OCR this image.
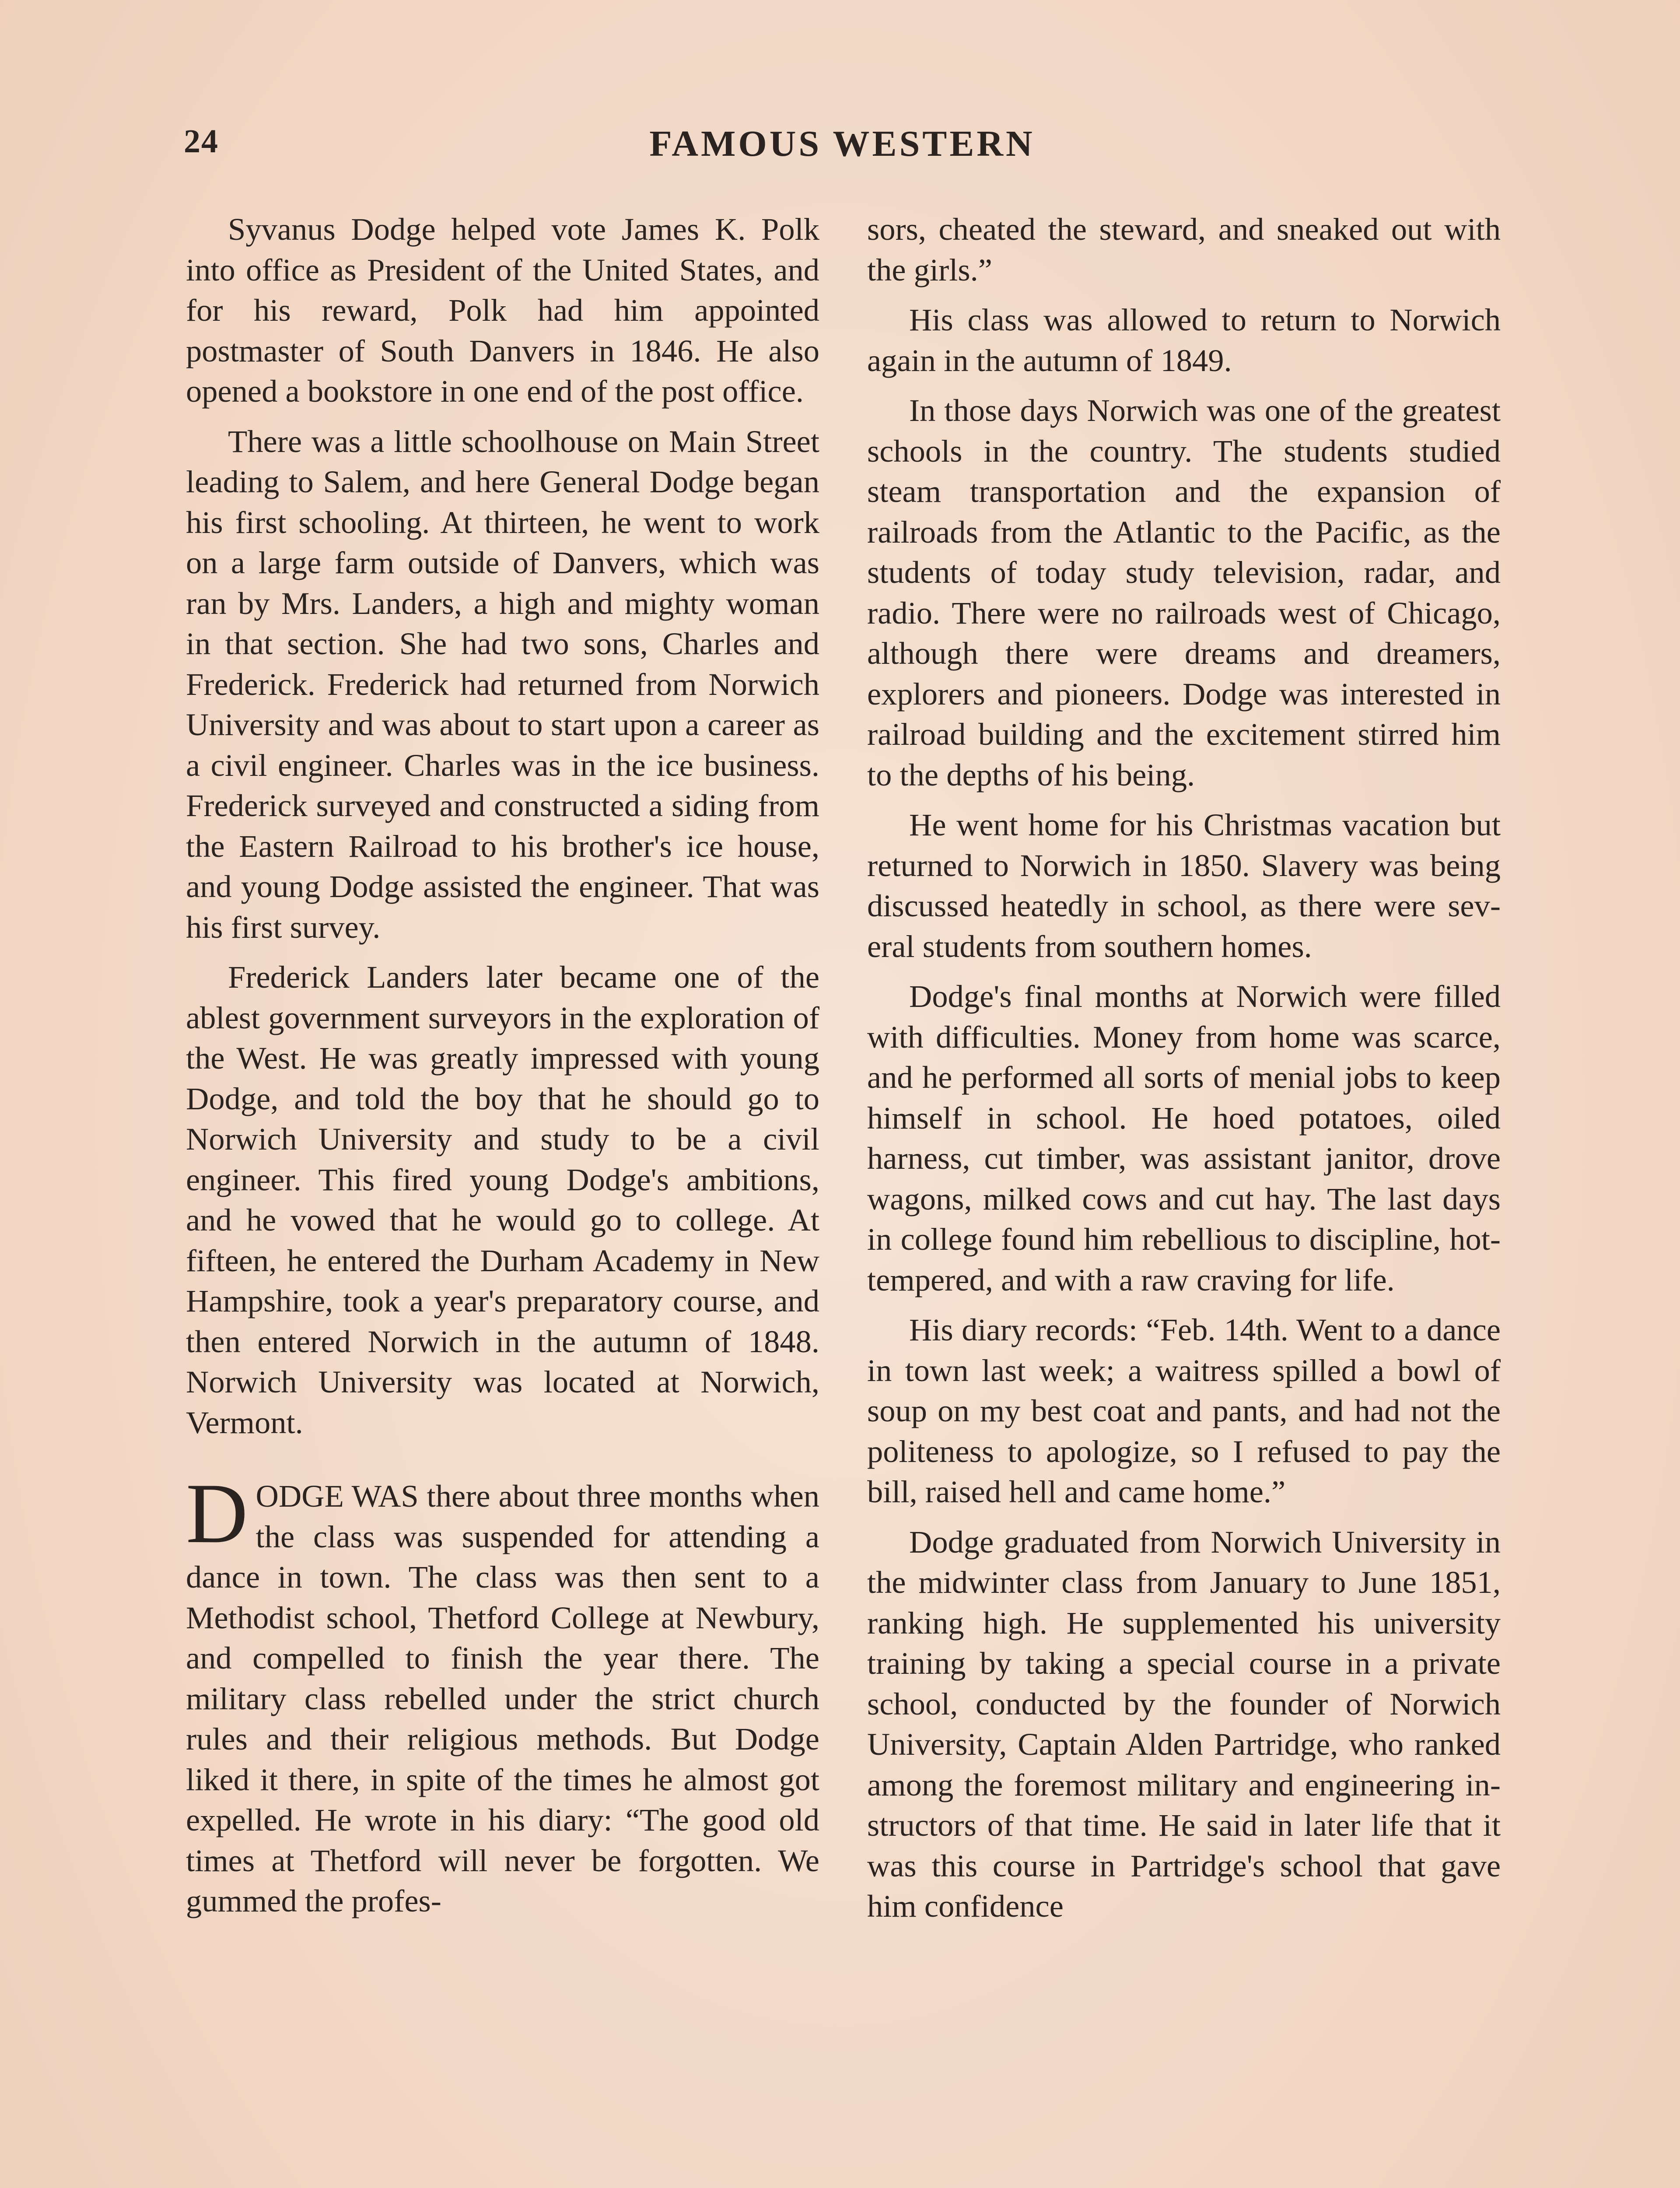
24	FAMOUS WESTERN

Syvanus Dodge helped vote James K. Polk into office as President of the United States, and for his reward, Polk had him appointed postmaster of South Danvers in 1846. He also opened a bookstore in one end of the post office.

There was a little schoolhouse on Main Street leading to Salem, and here General Dodge began his first schooling. At thirteen, he went to work on a large farm outside of Danvers, which was ran by Mrs. Landers, a high and mighty woman in that section. She had two sons, Charles and Frederick. Frederick had returned from Norwich University and was about to start upon a career as a civil engineer. Charles was in the ice business. Frederick surveyed and constructed a siding from the Eastern Railroad to his brother's ice house, and young Dodge assisted the engineer. That was his first survey.

Frederick Landers later became one of the ablest government surveyors in the exploration of the West. He was greatly impressed with young Dodge, and told the boy that he should go to Norwich University and study to be a civil engineer. This fired young Dodge's ambitions, and he vowed that he would go to college. At fifteen, he entered the Durham Academy in New Hampshire, took a year's preparatory course, and then entered Norwich in the autumn of 1848. Norwich University was located at Norwich, Vermont.

DODGE WAS there about three months when the class was suspended for attending a dance in town. The class was then sent to a Methodist school, Thetford College at Newbury, and compelled to finish the year there. The military class rebelled under the strict church rules and their religious methods. But Dodge liked it there, in spite of the times he almost got expelled. He wrote in his diary: “The good old times at Thetford will never be forgotten. We gummed the profes-

sors, cheated the steward, and sneaked out with the girls.”

His class was allowed to return to Norwich again in the autumn of 1849.

In those days Norwich was one of the greatest schools in the country. The students studied steam transportation and the expansion of railroads from the Atlantic to the Pacific, as the students of today study television, radar, and radio. There were no railroads west of Chicago, although there were dreams and dreamers, explorers and pioneers. Dodge was interested in railroad building and the excitement stirred him to the depths of his being.

He went home for his Christmas vacation but returned to Norwich in 1850. Slavery was being discussed heatedly in school, as there were several students from southern homes.

Dodge's final months at Norwich were filled with difficulties. Money from home was scarce, and he performed all sorts of menial jobs to keep himself in school. He hoed potatoes, oiled harness, cut timber, was assistant janitor, drove wagons, milked cows and cut hay. The last days in college found him rebellious to discipline, hot-tempered, and with a raw craving for life.

His diary records: “Feb. 14th. Went to a dance in town last week; a waitress spilled a bowl of soup on my best coat and pants, and had not the politeness to apologize, so I refused to pay the bill, raised hell and came home.”

Dodge graduated from Norwich University in the midwinter class from January to June 1851, ranking high. He supplemented his university training by taking a special course in a private school, conducted by the founder of Norwich University, Captain Alden Partridge, who ranked among the foremost military and engineering instructors of that time. He said in later life that it was this course in Partridge's school that gave him confidence
